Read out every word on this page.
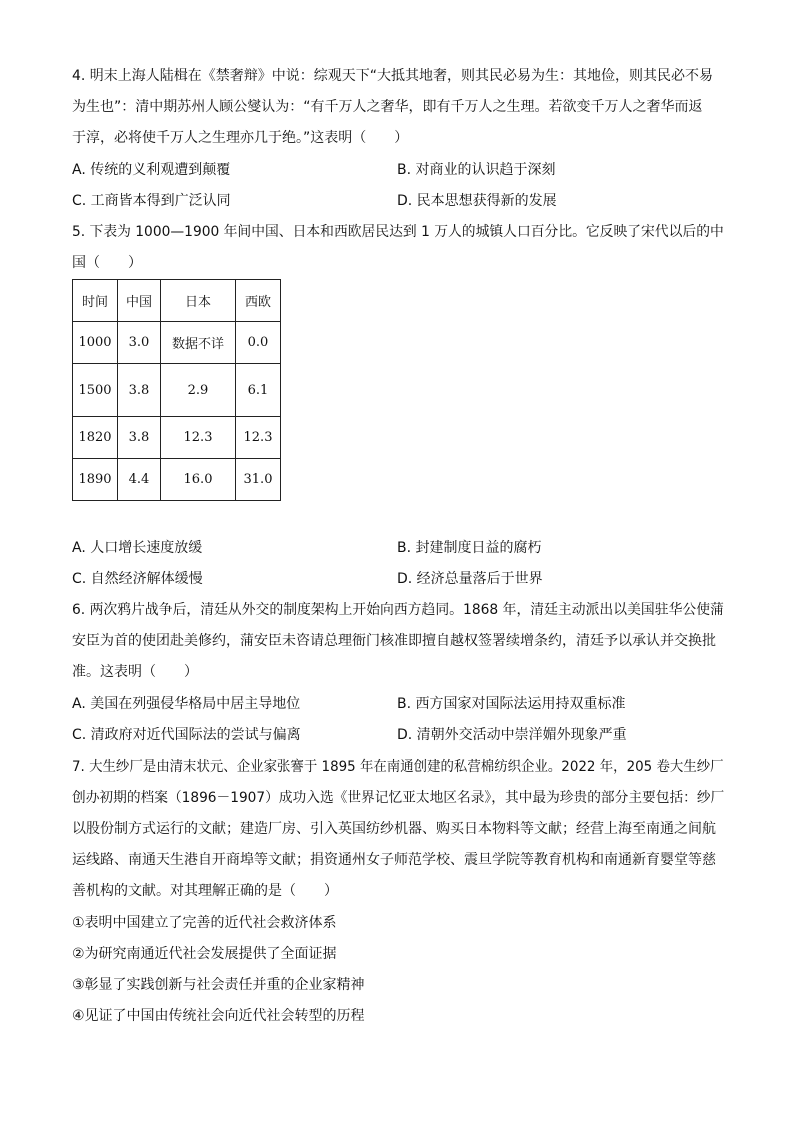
4. 明末上海人陆楫在《禁奢辩》中说：综观天下“大抵其地奢，则其民必易为生：其地俭，则其民必不易
为生也”：清中期苏州人顾公燮认为：“有千万人之奢华，即有千万人之生理。若欲变千万人之奢华而返
于淳，必将使千万人之生理亦几于绝。”这表明（　　）
A. 传统的义利观遭到颠覆	B. 对商业的认识趋于深刻
C. 工商皆本得到广泛认同	D. 民本思想获得新的发展
5. 下表为 1000—1900 年间中国、日本和西欧居民达到 1 万人的城镇人口百分比。它反映了宋代以后的中
国（　　）
时间	中国	日本	西欧
1000	3.0	数据不详	0.0
1500	3.8	2.9	6.1
1820	3.8	12.3	12.3
1890	4.4	16.0	31.0
A. 人口增长速度放缓	B. 封建制度日益的腐朽
C. 自然经济解体缓慢	D. 经济总量落后于世界
6. 两次鸦片战争后，清廷从外交的制度架构上开始向西方趋同。1868 年，清廷主动派出以美国驻华公使蒲
安臣为首的使团赴美修约，蒲安臣未咨请总理衙门核准即擅自越权签署续增条约，清廷予以承认并交换批
准。这表明（　　）
A. 美国在列强侵华格局中居主导地位	B. 西方国家对国际法运用持双重标准
C. 清政府对近代国际法的尝试与偏离	D. 清朝外交活动中崇洋媚外现象严重
7. 大生纱厂是由清末状元、企业家张謇于 1895 年在南通创建的私营棉纺织企业。2022 年，205 卷大生纱厂
创办初期的档案（1896－1907）成功入选《世界记忆亚太地区名录》，其中最为珍贵的部分主要包括：纱厂
以股份制方式运行的文献；建造厂房、引入英国纺纱机器、购买日本物料等文献；经营上海至南通之间航
运线路、南通天生港自开商埠等文献；捐资通州女子师范学校、震旦学院等教育机构和南通新育婴堂等慈
善机构的文献。对其理解正确的是（　　）
①表明中国建立了完善的近代社会救济体系
②为研究南通近代社会发展提供了全面证据
③彰显了实践创新与社会责任并重的企业家精神
④见证了中国由传统社会向近代社会转型的历程
